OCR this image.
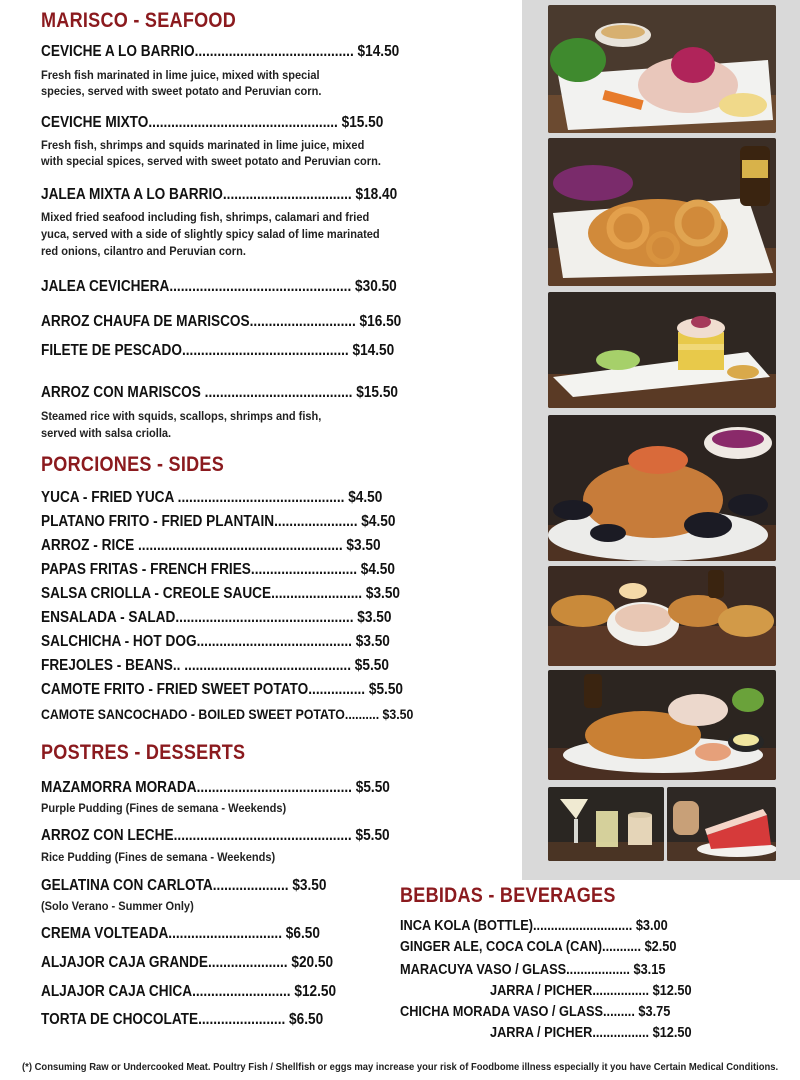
MARISCO - SEAFOOD
CEVICHE A LO BARRIO.......................................... $14.50
Fresh fish marinated in lime juice, mixed with special
species, served with sweet potato and Peruvian corn.
CEVICHE MIXTO.................................................. $15.50
Fresh fish, shrimps and squids marinated in lime juice, mixed
with special spices, served with sweet potato and Peruvian corn.
JALEA MIXTA A LO BARRIO.................................. $18.40
Mixed fried seafood including fish, shrimps, calamari and fried
yuca, served with a side of slightly spicy salad of lime marinated
red onions, cilantro and Peruvian corn.
JALEA CEVICHERA................................................ $30.50
ARROZ CHAUFA DE MARISCOS............................ $16.50
FILETE DE PESCADO............................................ $14.50
ARROZ CON MARISCOS ....................................... $15.50
Steamed rice with squids, scallops, shrimps and fish,
served with salsa criolla.
PORCIONES - SIDES
YUCA - FRIED YUCA ............................................ $4.50
PLATANO FRITO - FRIED PLANTAIN...................... $4.50
ARROZ - RICE ...................................................... $3.50
PAPAS FRITAS - FRENCH FRIES............................ $4.50
SALSA CRIOLLA - CREOLE SAUCE........................ $3.50
ENSALADA - SALAD............................................... $3.50
SALCHICHA - HOT DOG......................................... $3.50
FREJOLES - BEANS.. ............................................ $5.50
CAMOTE FRITO - FRIED SWEET POTATO............... $5.50
CAMOTE SANCOCHADO - BOILED SWEET POTATO.......... $3.50
POSTRES - DESSERTS
MAZAMORRA MORADA......................................... $5.50
Purple Pudding (Fines de semana - Weekends)
ARROZ CON LECHE............................................... $5.50
Rice Pudding (Fines de semana - Weekends)
GELATINA CON CARLOTA.................... $3.50
(Solo Verano - Summer Only)
CREMA VOLTEADA.............................. $6.50
ALJAJOR CAJA GRANDE..................... $20.50
ALJAJOR CAJA CHICA.......................... $12.50
TORTA DE CHOCOLATE....................... $6.50
BEBIDAS - BEVERAGES
INCA KOLA (BOTTLE)............................ $3.00
GINGER ALE, COCA COLA (CAN)........... $2.50
MARACUYA VASO / GLASS.................. $3.15
JARRA / PICHER................ $12.50
CHICHA MORADA VASO / GLASS......... $3.75
JARRA / PICHER................ $12.50
(*) Consuming Raw or Undercooked Meat. Poultry Fish / Shellfish or eggs may increase your risk of Foodbome illness especially it you have Certain Medical Conditions.
